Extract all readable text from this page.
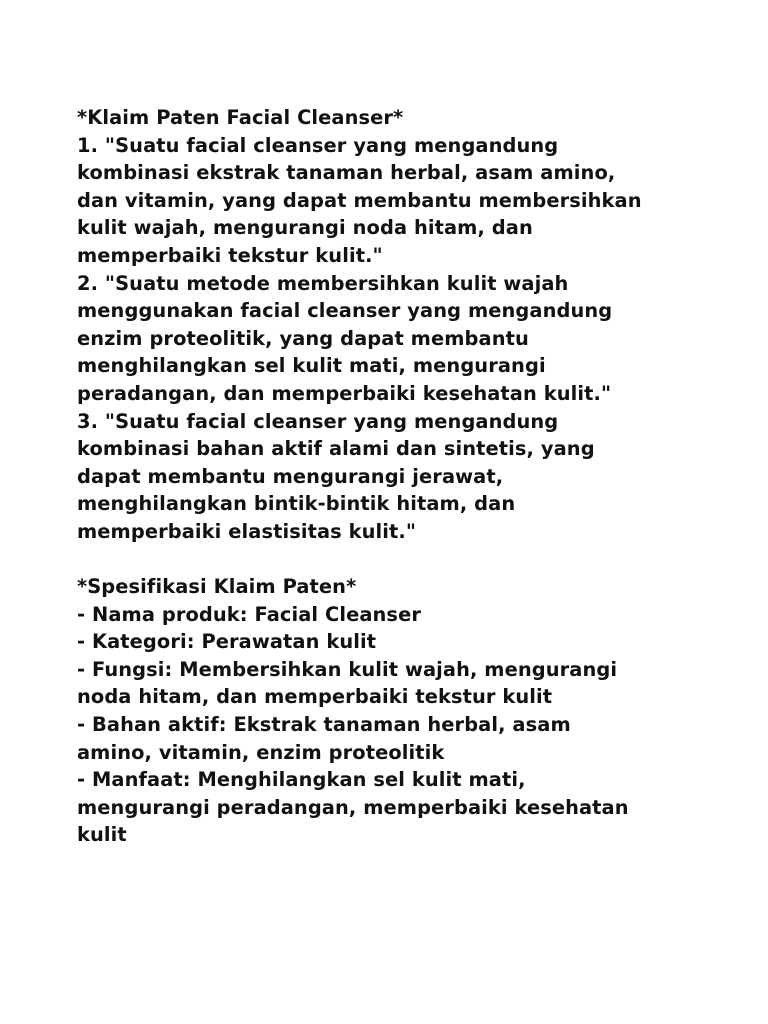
*Klaim Paten Facial Cleanser*
1. "Suatu facial cleanser yang mengandung
kombinasi ekstrak tanaman herbal, asam amino,
dan vitamin, yang dapat membantu membersihkan
kulit wajah, mengurangi noda hitam, dan
memperbaiki tekstur kulit."
2. "Suatu metode membersihkan kulit wajah
menggunakan facial cleanser yang mengandung
enzim proteolitik, yang dapat membantu
menghilangkan sel kulit mati, mengurangi
peradangan, dan memperbaiki kesehatan kulit."
3. "Suatu facial cleanser yang mengandung
kombinasi bahan aktif alami dan sintetis, yang
dapat membantu mengurangi jerawat,
menghilangkan bintik-bintik hitam, dan
memperbaiki elastisitas kulit."
*Spesifikasi Klaim Paten*
- Nama produk: Facial Cleanser
- Kategori: Perawatan kulit
- Fungsi: Membersihkan kulit wajah, mengurangi
noda hitam, dan memperbaiki tekstur kulit
- Bahan aktif: Ekstrak tanaman herbal, asam
amino, vitamin, enzim proteolitik
- Manfaat: Menghilangkan sel kulit mati,
mengurangi peradangan, memperbaiki kesehatan
kulit
